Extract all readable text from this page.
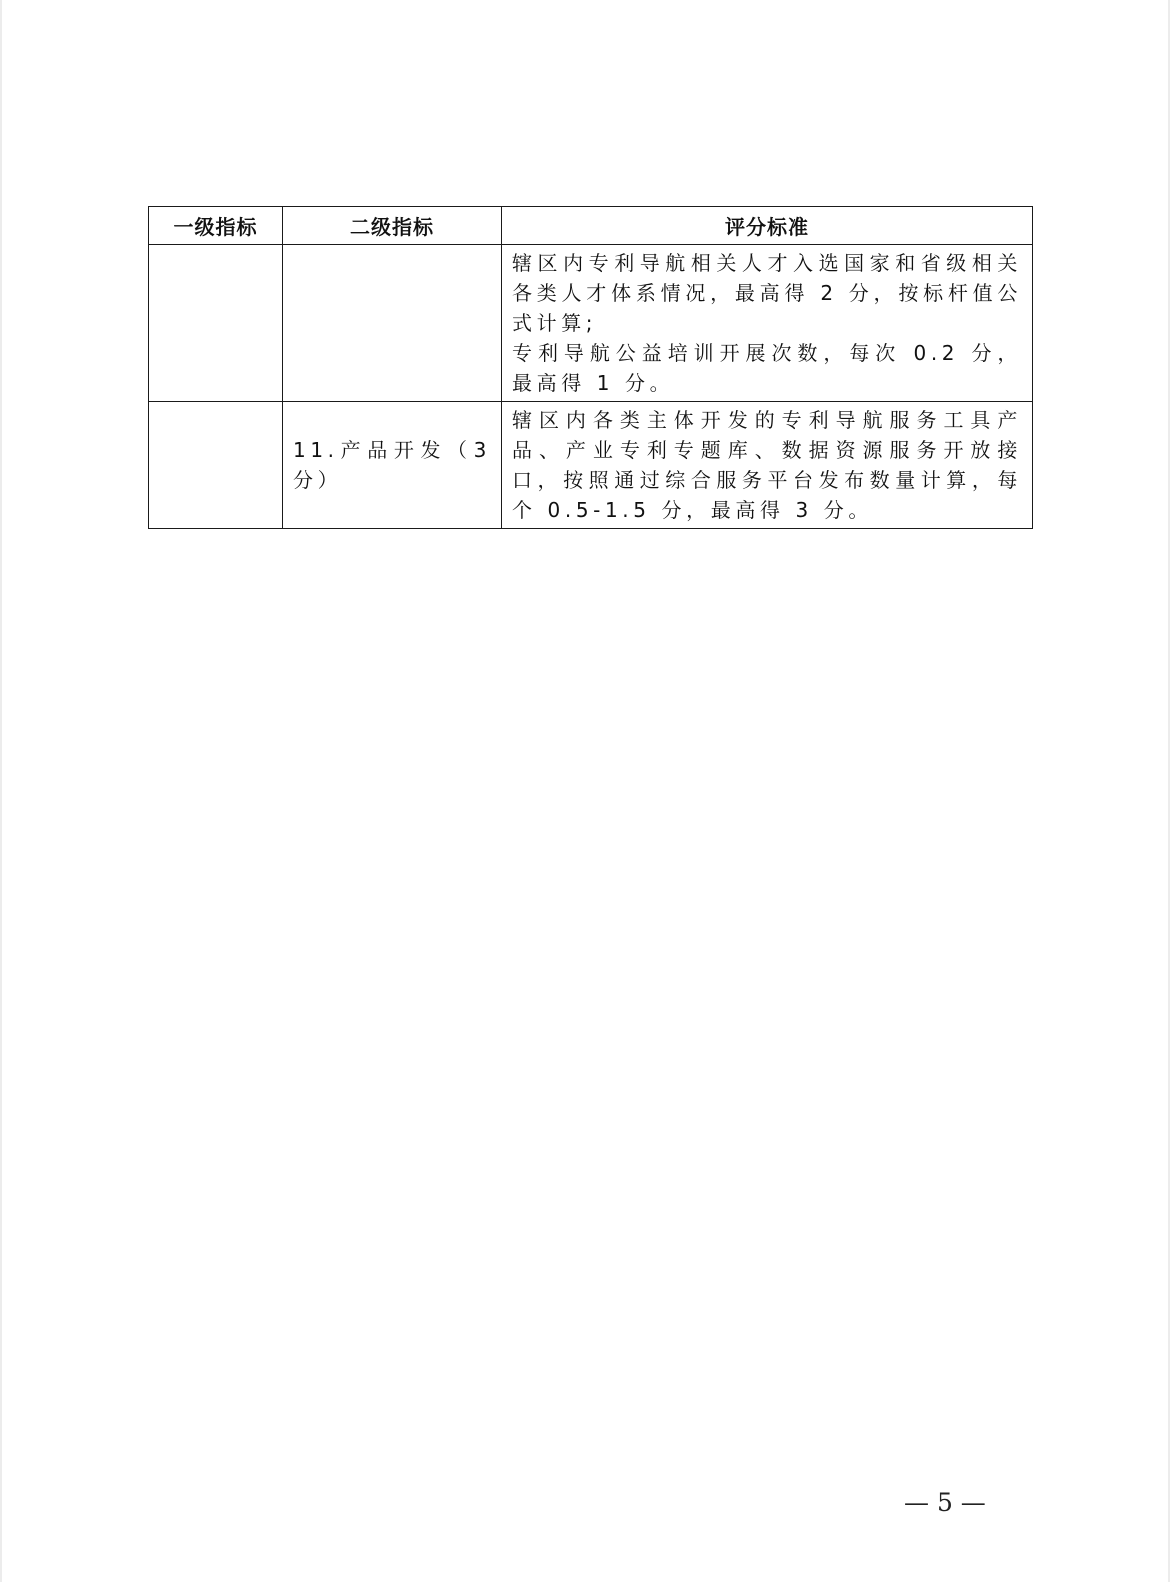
一级指标	二级指标	评分标准

		辖区内专利导航相关人才入选国家和省级相关各类人才体系情况，最高得 2 分，按标杆值公式计算;
专利导航公益培训开展次数，每次 0.2 分，最高得 1 分。

	11.产品开发（3分）	辖区内各类主体开发的专利导航服务工具产品、产业专利专题库、数据资源服务开放接口，按照通过综合服务平台发布数量计算，每个 0.5-1.5 分，最高得 3 分。
— 5 —
